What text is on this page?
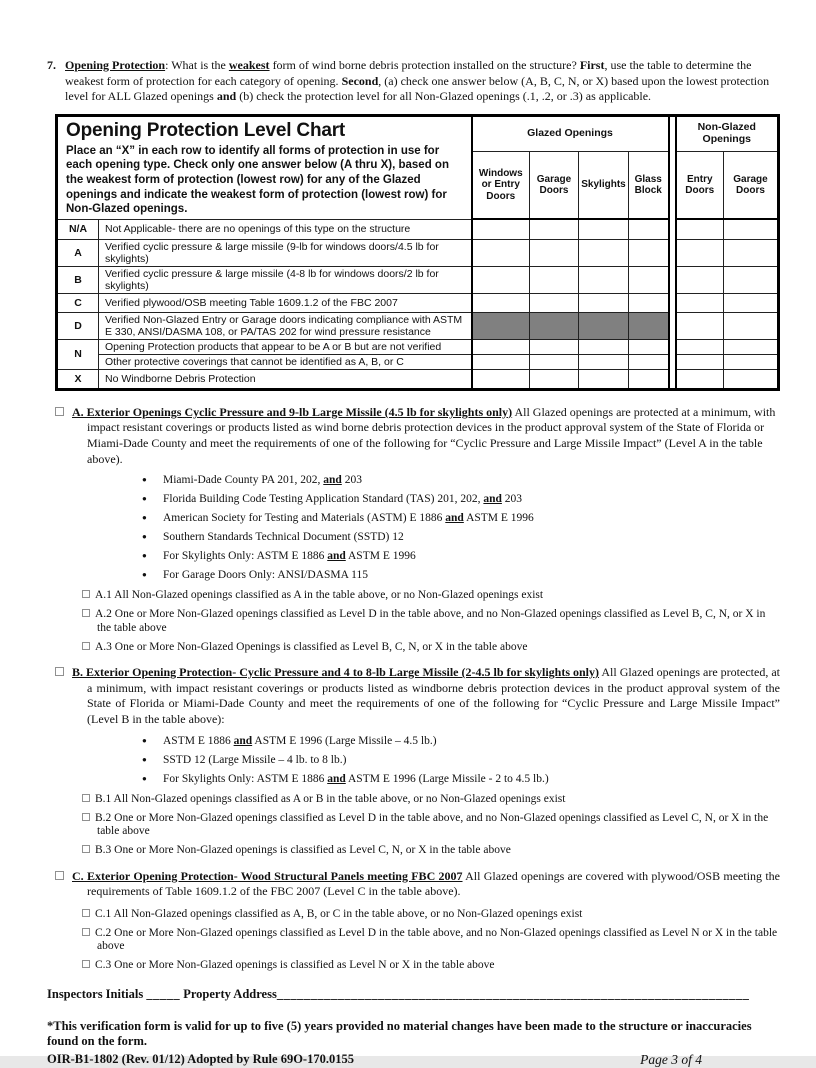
7. Opening Protection: What is the weakest form of wind borne debris protection installed on the structure? First, use the table to determine the weakest form of protection for each category of opening. Second, (a) check one answer below (A, B, C, N, or X) based upon the lowest protection level for ALL Glazed openings and (b) check the protection level for all Non-Glazed openings (.1, .2, or .3) as applicable.
Opening Protection Level Chart
Place an “X” in each row to identify all forms of protection in use for each opening type. Check only one answer below (A thru X), based on the weakest form of protection (lowest row) for any of the Glazed openings and indicate the weakest form of protection (lowest row) for Non-Glazed openings.		Glazed Openings					Non-Glazed Openings	
		Windows or Entry Doors	Garage Doors	Skylights	Glass Block		Entry Doors	Garage Doors
N/A	Not Applicable- there are no openings of this type on the structure							
A	Verified cyclic pressure & large missile (9-lb for windows doors/4.5 lb for skylights)							
B	Verified cyclic pressure & large missile (4-8 lb for windows doors/2 lb for skylights)							
C	Verified plywood/OSB meeting Table 1609.1.2 of the FBC 2007							
D	Verified Non-Glazed Entry or Garage doors indicating compliance with ASTM E 330, ANSI/DASMA 108, or PA/TAS 202 for wind pressure resistance							
N	Opening Protection products that appear to be A or B but are not verified							
	Other protective coverings that cannot be identified as A, B, or C							
X	No Windborne Debris Protection							
A. Exterior Openings Cyclic Pressure and 9-lb Large Missile (4.5 lb for skylights only) All Glazed openings are protected at a minimum, with impact resistant coverings or products listed as wind borne debris protection devices in the product approval system of the State of Florida or Miami-Dade County and meet the requirements of one of the following for “Cyclic Pressure and Large Missile Impact” (Level A in the table above).
● Miami-Dade County PA 201, 202, and 203
● Florida Building Code Testing Application Standard (TAS) 201, 202, and 203
● American Society for Testing and Materials (ASTM) E 1886 and ASTM E 1996
● Southern Standards Technical Document (SSTD) 12
● For Skylights Only: ASTM E 1886 and ASTM E 1996
● For Garage Doors Only: ANSI/DASMA 115
A.1 All Non-Glazed openings classified as A in the table above, or no Non-Glazed openings exist
A.2 One or More Non-Glazed openings classified as Level D in the table above, and no Non-Glazed openings classified as Level B, C, N, or X in the table above
A.3 One or More Non-Glazed Openings is classified as Level B, C, N, or X in the table above
B. Exterior Opening Protection- Cyclic Pressure and 4 to 8-lb Large Missile (2-4.5 lb for skylights only) All Glazed openings are protected, at a minimum, with impact resistant coverings or products listed as windborne debris protection devices in the product approval system of the State of Florida or Miami-Dade County and meet the requirements of one of the following for “Cyclic Pressure and Large Missile Impact” (Level B in the table above):
● ASTM E 1886 and ASTM E 1996 (Large Missile – 4.5 lb.)
● SSTD 12 (Large Missile – 4 lb. to 8 lb.)
● For Skylights Only: ASTM E 1886 and ASTM E 1996 (Large Missile - 2 to 4.5 lb.)
B.1 All Non-Glazed openings classified as A or B in the table above, or no Non-Glazed openings exist
B.2 One or More Non-Glazed openings classified as Level D in the table above, and no Non-Glazed openings classified as Level C, N, or X in the table above
B.3 One or More Non-Glazed openings is classified as Level C, N, or X in the table above
C. Exterior Opening Protection- Wood Structural Panels meeting FBC 2007 All Glazed openings are covered with plywood/OSB meeting the requirements of Table 1609.1.2 of the FBC 2007 (Level C in the table above).
C.1 All Non-Glazed openings classified as A, B, or C in the table above, or no Non-Glazed openings exist
C.2 One or More Non-Glazed openings classified as Level D in the table above, and no Non-Glazed openings classified as Level N or X in the table above
C.3 One or More Non-Glazed openings is classified as Level N or X in the table above
Inspectors Initials _____ Property Address______________________________________________________________________
*This verification form is valid for up to five (5) years provided no material changes have been made to the structure or inaccuracies found on the form.
OIR-B1-1802 (Rev. 01/12) Adopted by Rule 69O-170.0155	Page 3 of 4
